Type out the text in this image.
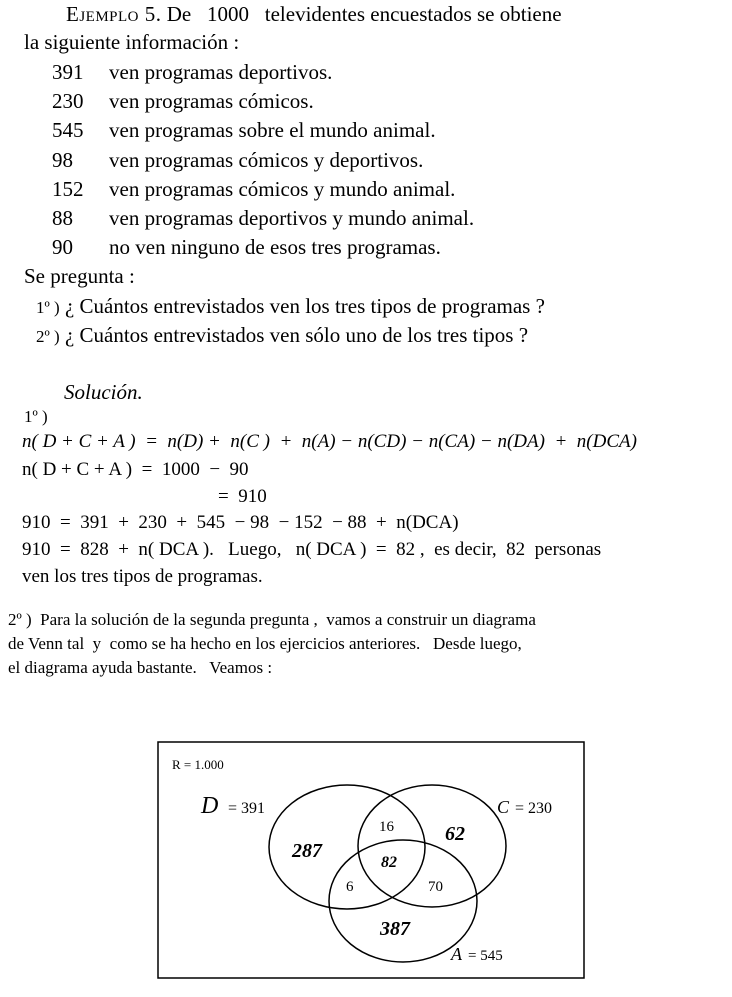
Ejemplo 5. De   1000   televidentes encuestados se obtiene
la siguiente información :
391 ven programas deportivos.
230 ven programas cómicos.
545 ven programas sobre el mundo animal.
98 ven programas cómicos y deportivos.
152 ven programas cómicos y mundo animal.
88 ven programas deportivos y mundo animal.
90 no ven ninguno de esos tres programas.
Se pregunta :
1º ) ¿ Cuántos entrevistados ven los tres tipos de programas ?
2º ) ¿ Cuántos entrevistados ven sólo uno de los tres tipos ?
Solución.
1º )
n( D + C + A )  =  n(D) +  n(C )  +  n(A) − n(CD) − n(CA) − n(DA)  +  n(DCA)
n( D + C + A )  =  1000  −  90
=  910
910  =  391  +  230  +  545  − 98  − 152  − 88  +  n(DCA)
910  =  828  +  n( DCA ).   Luego,   n( DCA )  =  82 ,  es decir,  82  personas
ven los tres tipos de programas.
2º )  Para la solución de la segunda pregunta ,  vamos a construir un diagrama
de Venn tal  y  como se ha hecho en los ejercicios anteriores.   Desde luego,
el diagrama ayuda bastante.   Veamos :
R = 1.000
D = 391	C = 230
A = 545
287
62
387
16
6	70
82
